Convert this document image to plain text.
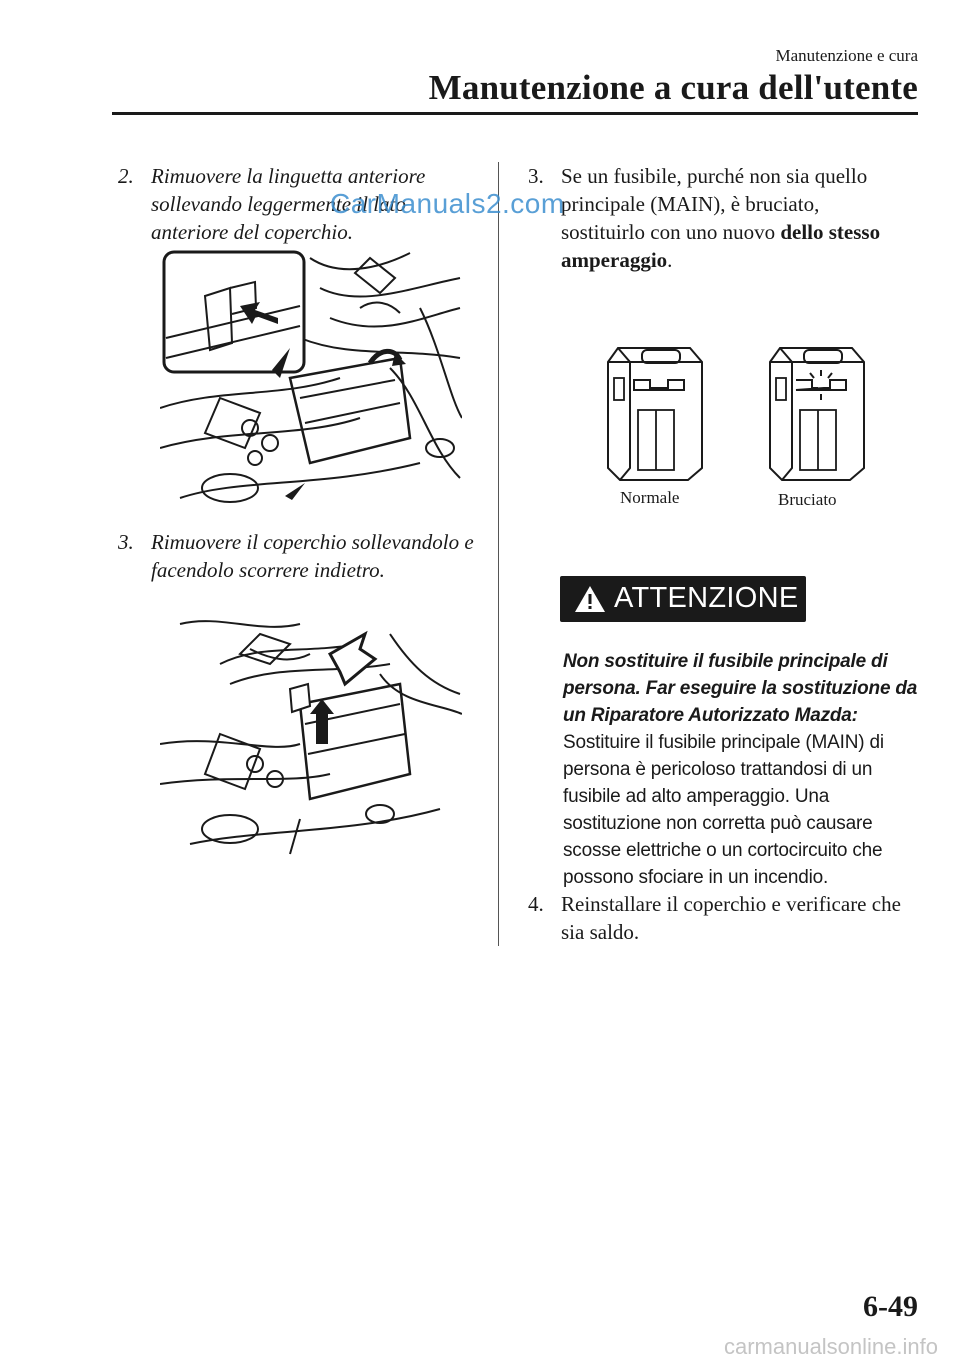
Manutenzione e cura
Manutenzione a cura dell'utente
2. Rimuovere la linguetta anteriore sollevando leggermente il lato anteriore del coperchio.
3. Rimuovere il coperchio sollevandolo e facendolo scorrere indietro.
3. Se un fusibile, purché non sia quello principale (MAIN), è bruciato, sostituirlo con uno nuovo dello stesso amperaggio.
CarManuals2.com
Normale	Bruciato
ATTENZIONE
Non sostituire il fusibile principale di persona. Far eseguire la sostituzione da un Riparatore Autorizzato Mazda: Sostituire il fusibile principale (MAIN) di persona è pericoloso trattandosi di un fusibile ad alto amperaggio. Una sostituzione non corretta può causare scosse elettriche o un cortocircuito che possono sfociare in un incendio.
4. Reinstallare il coperchio e verificare che sia saldo.
6-49
carmanualsonline.info
